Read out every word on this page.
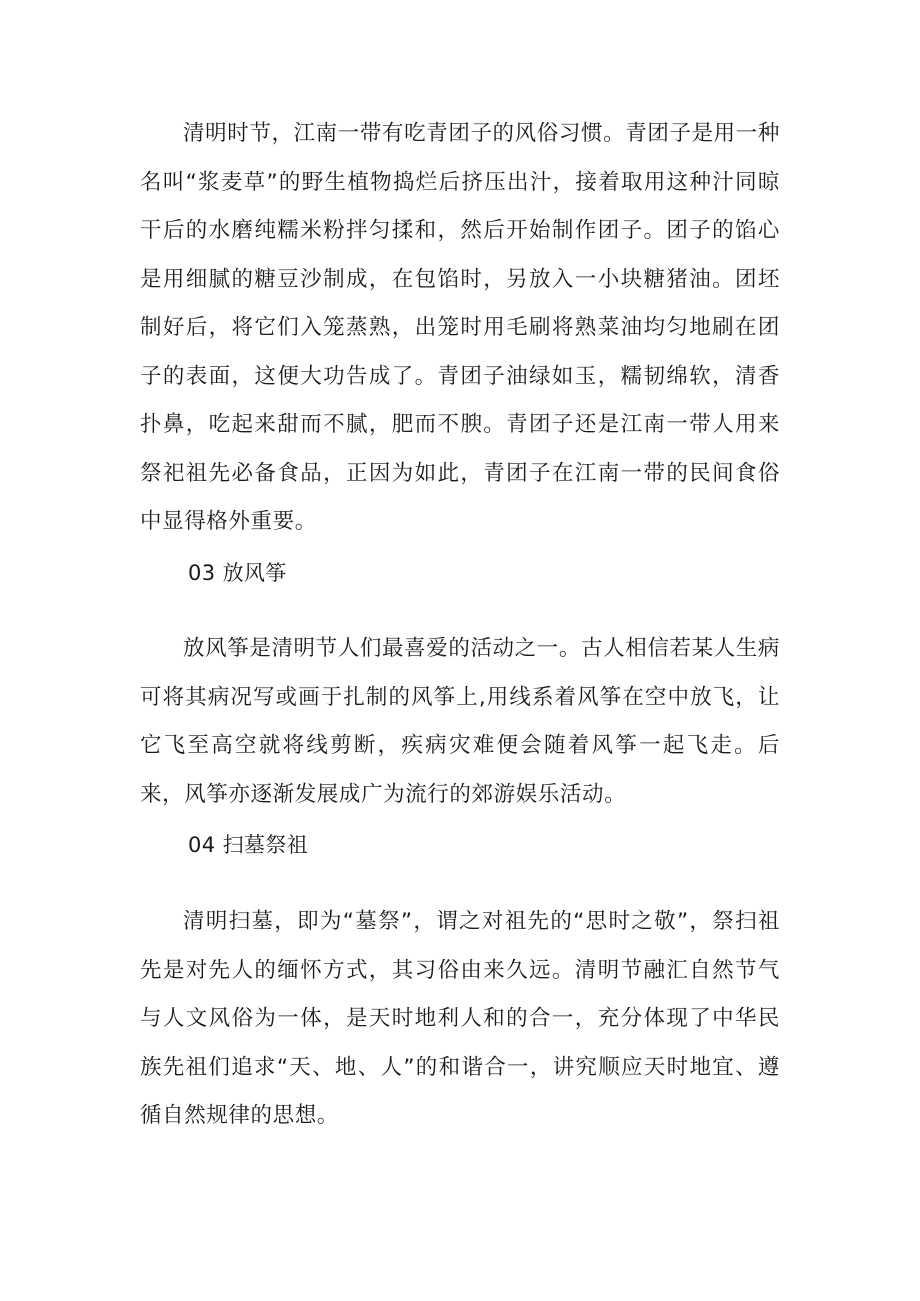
清明时节，江南一带有吃青团子的风俗习惯。青团子是用一种名叫“浆麦草”的野生植物捣烂后挤压出汁，接着取用这种汁同晾干后的水磨纯糯米粉拌匀揉和，然后开始制作团子。团子的馅心是用细腻的糖豆沙制成，在包馅时，另放入一小块糖猪油。团坯制好后，将它们入笼蒸熟，出笼时用毛刷将熟菜油均匀地刷在团子的表面，这便大功告成了。青团子油绿如玉，糯韧绵软，清香扑鼻，吃起来甜而不腻，肥而不腴。青团子还是江南一带人用来祭祀祖先必备食品，正因为如此，青团子在江南一带的民间食俗中显得格外重要。

03 放风筝

放风筝是清明节人们最喜爱的活动之一。古人相信若某人生病可将其病况写或画于扎制的风筝上,用线系着风筝在空中放飞，让它飞至高空就将线剪断，疾病灾难便会随着风筝一起飞走。后来，风筝亦逐渐发展成广为流行的郊游娱乐活动。

04 扫墓祭祖

清明扫墓，即为“墓祭”，谓之对祖先的“思时之敬”，祭扫祖先是对先人的缅怀方式，其习俗由来久远。清明节融汇自然节气与人文风俗为一体，是天时地利人和的合一，充分体现了中华民族先祖们追求“天、地、人”的和谐合一，讲究顺应天时地宜、遵循自然规律的思想。
